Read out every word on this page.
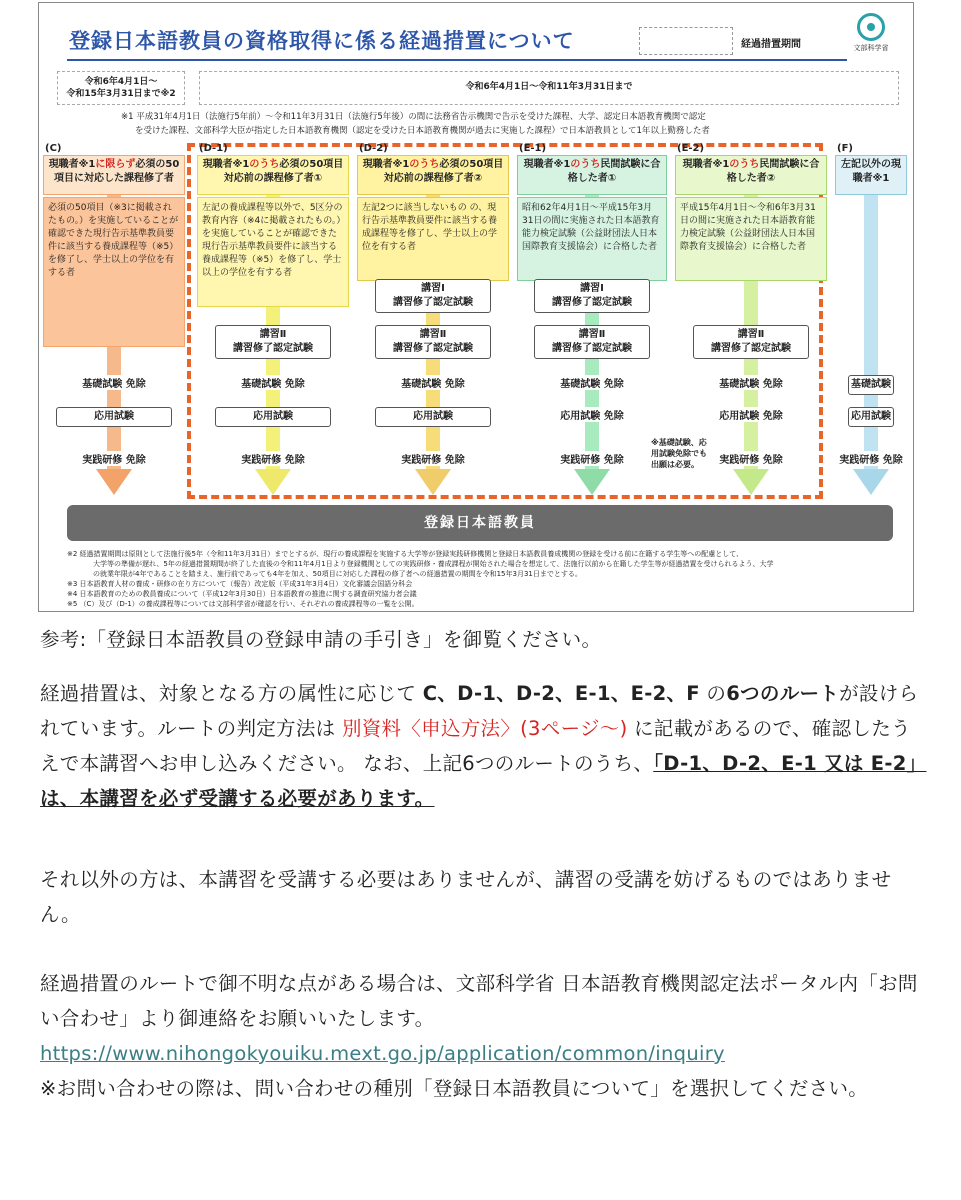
登録日本語教員の資格取得に係る経過措置について	経過措置期間	文部科学省
令和6年4月1日〜
令和15年3月31日まで※2
令和6年4月1日〜令和11年3月31日まで
※1 平成31年4月1日（法施行5年前）〜令和11年3月31日（法施行5年後）の間に法務省告示機関で告示を受けた課程、大学、認定日本語教育機関で認定
を受けた課程、文部科学大臣が指定した日本語教育機関（認定を受けた日本語教育機関が過去に実施した課程）で日本語教員として1年以上勤務した者
(C)
現職者※1に限らず必須の50項目に対応した課程修了者
必須の50項目（※3に掲載されたもの。）を実施していることが確認できた現行告示基準教員要件に該当する養成課程等（※5）を修了し、学士以上の学位を有する者
基礎試験 免除
応用試験
実践研修 免除
(D-1)
現職者※1のうち必須の50項目対応前の課程修了者①
左記の養成課程等以外で、5区分の教育内容（※4に掲載されたもの。）を実施していることが確認できた現行告示基準教員要件に該当する養成課程等（※5）を修了し、学士以上の学位を有する者
講習Ⅱ
講習修了認定試験
基礎試験 免除
応用試験
実践研修 免除
(D-2)
現職者※1のうち必須の50項目対応前の課程修了者②
左記2つに該当しないもの の、現行告示基準教員要件に該当する養成課程等を修了し、学士以上の学位を有する者
講習Ⅰ
講習修了認定試験
講習Ⅱ
講習修了認定試験
基礎試験 免除
応用試験
実践研修 免除
(E-1)
現職者※1のうち民間試験に合格した者①
昭和62年4月1日〜平成15年3月31日の間に実施された日本語教育能力検定試験（公益財団法人日本国際教育支援協会）に合格した者
講習Ⅰ
講習修了認定試験
講習Ⅱ
講習修了認定試験
基礎試験 免除
応用試験 免除
実践研修 免除
(E-2)
現職者※1のうち民間試験に合格した者②
平成15年4月1日〜令和6年3月31日の間に実施された日本語教育能力検定試験（公益財団法人日本国際教育支援協会）に合格した者
講習Ⅱ
講習修了認定試験
基礎試験 免除
応用試験 免除
実践研修 免除
(F)
左記以外の現職者※1
基礎試験
応用試験
実践研修 免除
※基礎試験、応用試験免除でも出願は必要。
登録日本語教員
※2 経過措置期間は原則として法施行後5年（令和11年3月31日）までとするが、現行の養成課程を実施する大学等が登録実践研修機関と登録日本語教員養成機関の登録を受ける前に在籍する学生等への配慮として、
大学等の準備が遅れ、5年の経過措置期間が終了した直後の令和11年4月1日より登録機関としての実践研修・養成課程が開始された場合を想定して、法施行以前から在籍した学生等が経過措置を受けられるよう、大学
の就業年限が4年であることを踏まえ、施行前であっても4年を加え、50項目に対応した課程の修了者への経過措置の期間を令和15年3月31日までとする。
※3 日本語教育人材の養成・研修の在り方について（報告）改定版（平成31年3月4日）文化審議会国語分科会
※4 日本語教育のための教員養成について（平成12年3月30日）日本語教育の推進に関する調査研究協力者会議
※5 （C）及び（D-1）の養成課程等については文部科学省が確認を行い、それぞれの養成課程等の一覧を公開。
参考:「登録日本語教員の登録申請の手引き」を御覧ください。
経過措置は、対象となる方の属性に応じて C、D-1、D-2、E-1、E-2、F の6つのルートが設けられています。ルートの判定方法は 別資料〈申込方法〉(3ページ〜) に記載があるので、確認したうえで本講習へお申し込みください。 なお、上記6つのルートのうち、「D-1、D-2、E-1 又は E-2」は、本講習を必ず受講する必要があります。
それ以外の方は、本講習を受講する必要はありませんが、講習の受講を妨げるものではありません。
経過措置のルートで御不明な点がある場合は、文部科学省 日本語教育機関認定法ポータル内「お問い合わせ」より御連絡をお願いいたします。
https://www.nihongokyouiku.mext.go.jp/application/common/inquiry
※お問い合わせの際は、問い合わせの種別「登録日本語教員について」を選択してください。
